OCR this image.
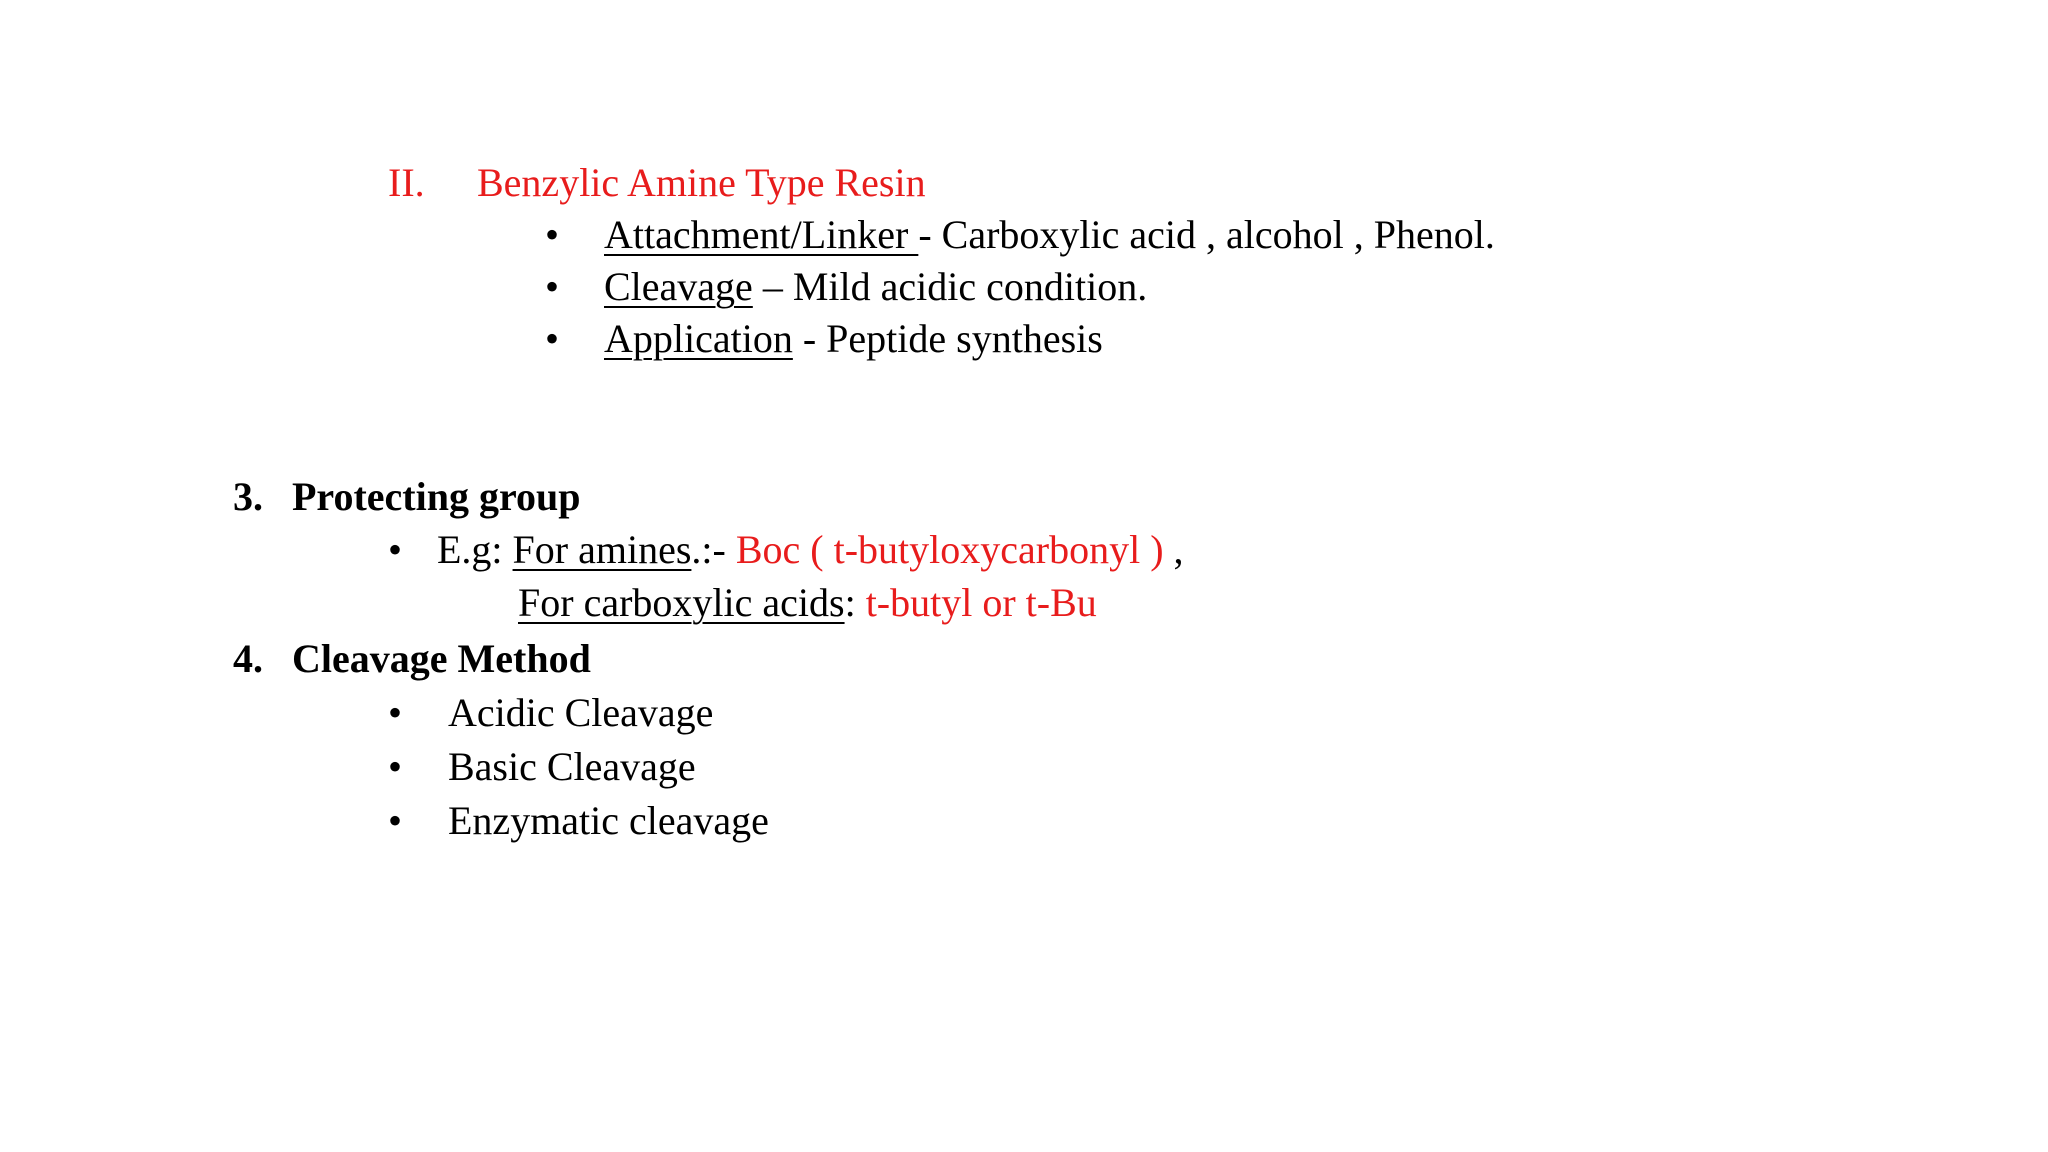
II. Benzylic Amine Type Resin
• Attachment/Linker - Carboxylic acid , alcohol , Phenol.
• Cleavage – Mild acidic condition.
• Application - Peptide synthesis
3. Protecting group
• E.g: For amines.:- Boc ( t-butyloxycarbonyl ) ,
For carboxylic acids: t-butyl or t-Bu
4. Cleavage Method
• Acidic Cleavage
• Basic Cleavage
• Enzymatic cleavage
